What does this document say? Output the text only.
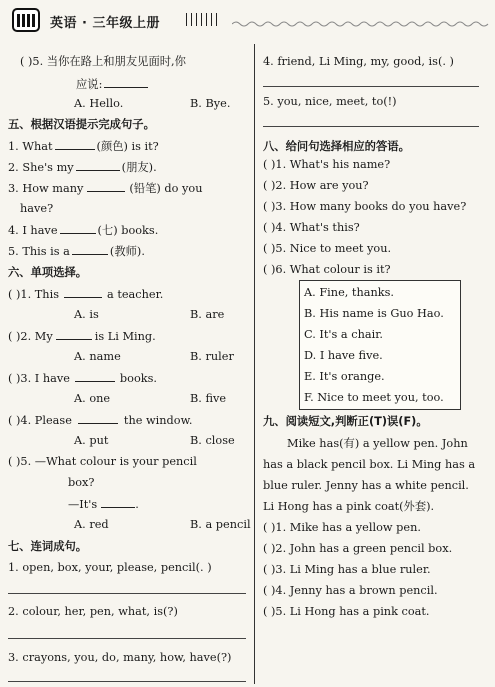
英语 · 三年级上册
( )5. 当你在路上和朋友见面时,你
应说:
A. Hello.	B. Bye.
五、根据汉语提示完成句子。
1. What	(颜色) is it?
2. She's my	(朋友).
3. How many	(铅笔) do you
have?
4. I have	(七) books.
5. This is a	(教师).
六、单项选择。
( )1. This	a teacher.
A. is	B. are
( )2. My	is Li Ming.
A. name	B. ruler
( )3. I have	books.
A. one	B. five
( )4. Please	the window.
A. put	B. close
( )5. —What colour is your pencil
box?
—It's	.
A. red	B. a pencil
七、连词成句。
1. open, box, your, please, pencil(. )
2. colour, her, pen, what, is(?)
3. crayons, you, do, many, how, have(?)
4. friend, Li Ming, my, good, is(. )
5. you, nice, meet, to(!)
八、给问句选择相应的答语。
( )1. What's his name?
( )2. How are you?
( )3. How many books do you have?
( )4. What's this?
( )5. Nice to meet you.
( )6. What colour is it?
A. Fine, thanks.
B. His name is Guo Hao.
C. It's a chair.
D. I have five.
E. It's orange.
F. Nice to meet you, too.
九、阅读短文,判断正(T)误(F)。
Mike has(有) a yellow pen. John
has a black pencil box. Li Ming has a
blue ruler. Jenny has a white pencil.
Li Hong has a pink coat(外套).
( )1. Mike has a yellow pen.
( )2. John has a green pencil box.
( )3. Li Ming has a blue ruler.
( )4. Jenny has a brown pencil.
( )5. Li Hong has a pink coat.
